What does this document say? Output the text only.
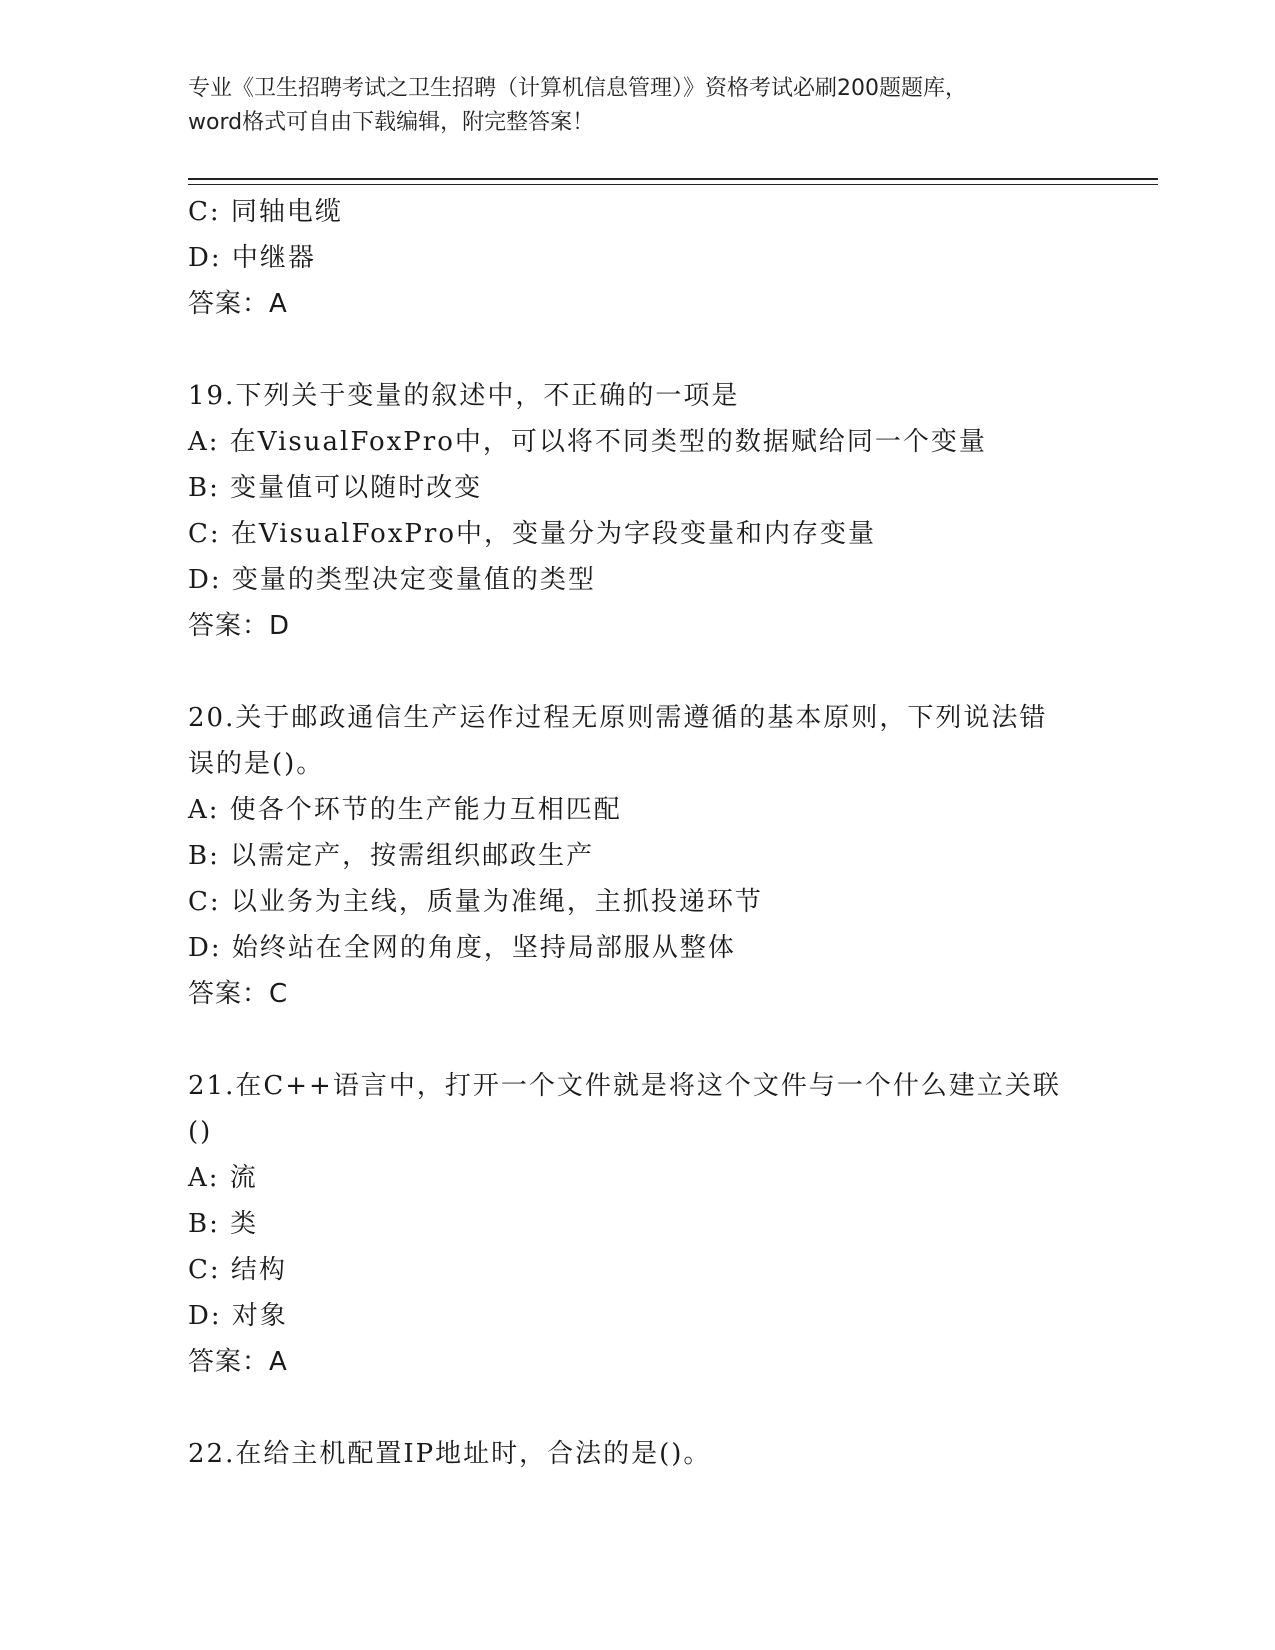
专业《卫生招聘考试之卫生招聘（计算机信息管理）》资格考试必刷200题题库，
word格式可自由下载编辑，附完整答案！
C: 同轴电缆
D: 中继器
答案：A
19.下列关于变量的叙述中，不正确的一项是
A: 在VisualFoxPro中，可以将不同类型的数据赋给同一个变量
B: 变量值可以随时改变
C: 在VisualFoxPro中，变量分为字段变量和内存变量
D: 变量的类型决定变量值的类型
答案：D
20.关于邮政通信生产运作过程无原则需遵循的基本原则，下列说法错
误的是()。
A: 使各个环节的生产能力互相匹配
B: 以需定产，按需组织邮政生产
C: 以业务为主线，质量为准绳，主抓投递环节
D: 始终站在全网的角度，坚持局部服从整体
答案：C
21.在C++语言中，打开一个文件就是将这个文件与一个什么建立关联
()
A: 流
B: 类
C: 结构
D: 对象
答案：A
22.在给主机配置IP地址时，合法的是()。
